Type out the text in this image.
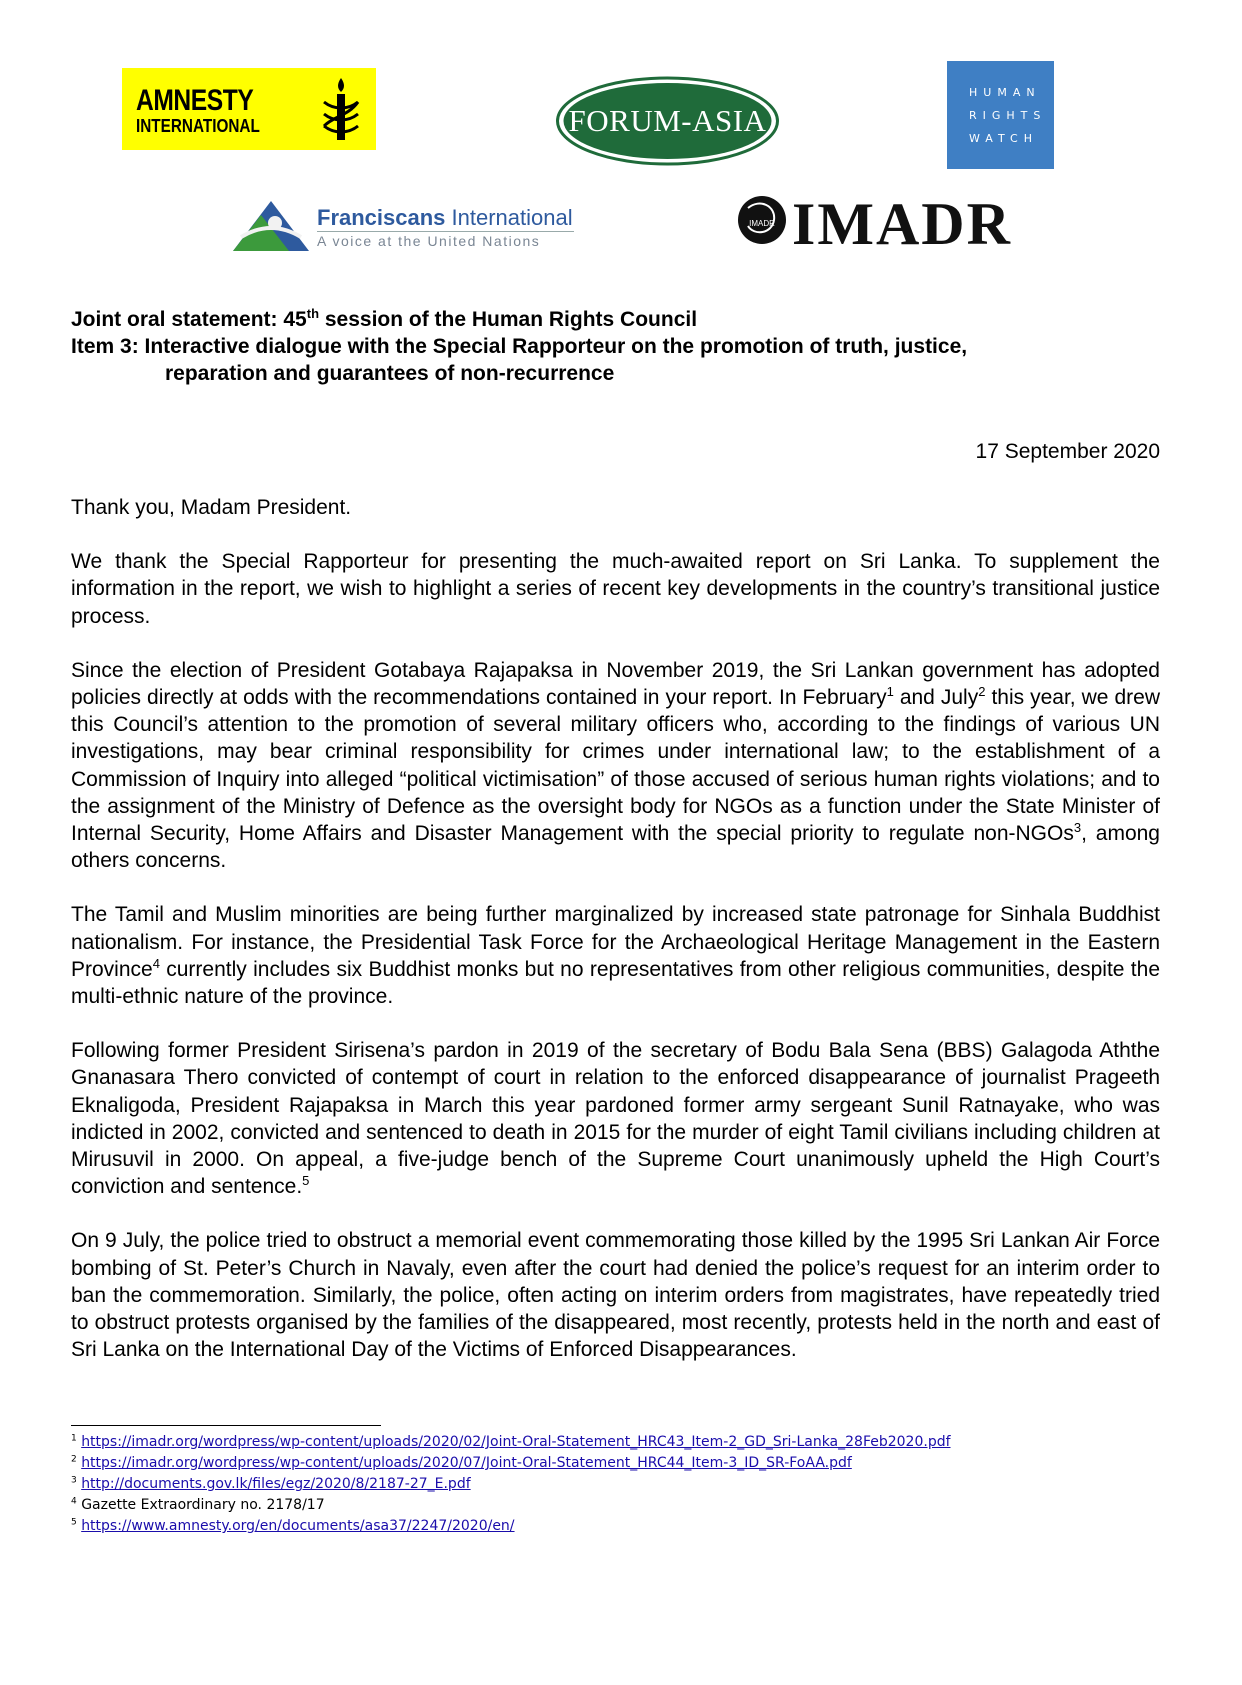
AMNESTY
INTERNATIONAL	FORUM-ASIA
HUMAN
RIGHTS
WATCH
Franciscans International
A voice at the United Nations
IMADR IMADR
Joint oral statement: 45th session of the Human Rights Council
Item 3: Interactive dialogue with the Special Rapporteur on the promotion of truth, justice,
reparation and guarantees of non-recurrence
17 September 2020

Thank you, Madam President.

We thank the Special Rapporteur for presenting the much-awaited report on Sri Lanka. To supplement the information in the report, we wish to highlight a series of recent key developments in the country’s transitional justice process.

Since the election of President Gotabaya Rajapaksa in November 2019, the Sri Lankan government has adopted policies directly at odds with the recommendations contained in your report. In February$^1$ and July$^2$ this year, we drew this Council’s attention to the promotion of several military officers who, according to the findings of various UN investigations, may bear criminal responsibility for crimes under international law; to the establishment of a Commission of Inquiry into alleged “political victimisation” of those accused of serious human rights violations; and to the assignment of the Ministry of Defence as the oversight body for NGOs as a function under the State Minister of Internal Security, Home Affairs and Disaster Management with the special priority to regulate non-NGOs$^3$, among others concerns.

The Tamil and Muslim minorities are being further marginalized by increased state patronage for Sinhala Buddhist nationalism. For instance, the Presidential Task Force for the Archaeological Heritage Management in the Eastern Province$^4$ currently includes six Buddhist monks but no representatives from other religious communities, despite the multi-ethnic nature of the province.

Following former President Sirisena’s pardon in 2019 of the secretary of Bodu Bala Sena (BBS) Galagoda Aththe Gnanasara Thero convicted of contempt of court in relation to the enforced disappearance of journalist Prageeth Eknaligoda, President Rajapaksa in March this year pardoned former army sergeant Sunil Ratnayake, who was indicted in 2002, convicted and sentenced to death in 2015 for the murder of eight Tamil civilians including children at Mirusuvil in 2000. On appeal, a five-judge bench of the Supreme Court unanimously upheld the High Court’s conviction and sentence.$^5$

On 9 July, the police tried to obstruct a memorial event commemorating those killed by the 1995 Sri Lankan Air Force bombing of St. Peter’s Church in Navaly, even after the court had denied the police’s request for an interim order to ban the commemoration. Similarly, the police, often acting on interim orders from magistrates, have repeatedly tried to obstruct protests organised by the families of the disappeared, most recently, protests held in the north and east of Sri Lanka on the International Day of the Victims of Enforced Disappearances.

$^1$ https://imadr.org/wordpress/wp-content/uploads/2020/02/Joint-Oral-Statement_HRC43_Item-2_GD_Sri-Lanka_28Feb2020.pdf
$^2$ https://imadr.org/wordpress/wp-content/uploads/2020/07/Joint-Oral-Statement_HRC44_Item-3_ID_SR-FoAA.pdf
$^3$ http://documents.gov.lk/files/egz/2020/8/2187-27_E.pdf
$^4$ Gazette Extraordinary no. 2178/17
$^5$ https://www.amnesty.org/en/documents/asa37/2247/2020/en/
